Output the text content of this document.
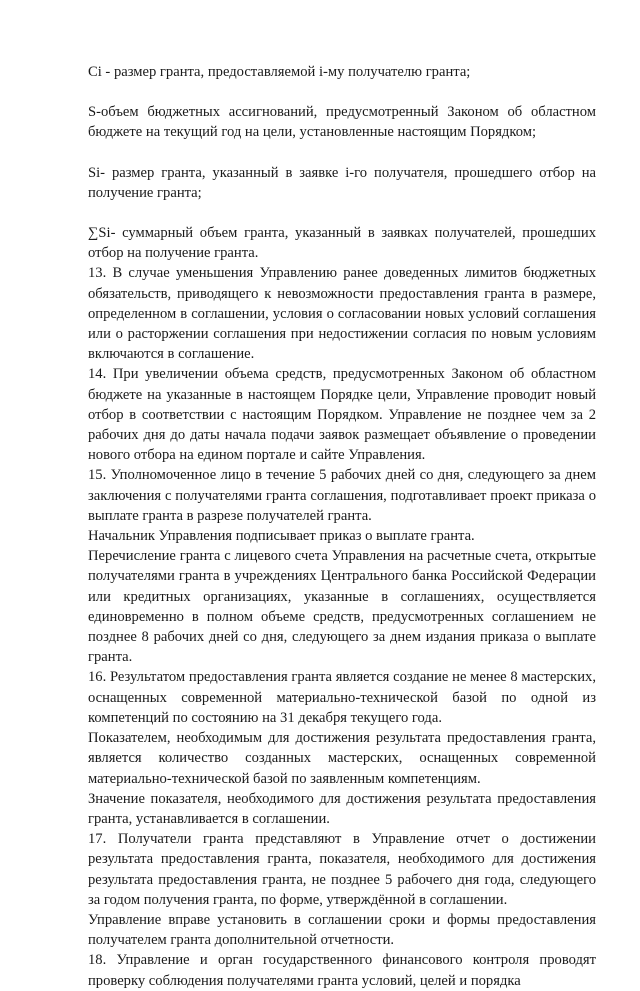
Сi - размер гранта, предоставляемой i-му получателю гранта;

S-объем бюджетных ассигнований, предусмотренный Законом об областном бюджете на текущий год на цели, установленные настоящим Порядком;

Si- размер гранта, указанный в заявке i-го получателя, прошедшего отбор на получение гранта;

∑Si- суммарный объем гранта, указанный в заявках получателей, прошедших отбор на получение гранта.

13. В случае уменьшения Управлению ранее доведенных лимитов бюджетных обязательств, приводящего к невозможности предоставления гранта в размере, определенном в соглашении, условия о согласовании новых условий соглашения или о расторжении соглашения при недостижении согласия по новым условиям включаются в соглашение.

14. При увеличении объема средств, предусмотренных Законом об областном бюджете на указанные в настоящем Порядке цели, Управление проводит новый отбор в соответствии с настоящим Порядком. Управление не позднее чем за 2 рабочих дня до даты начала подачи заявок размещает объявление о проведении нового отбора на едином портале и сайте Управления.

15. Уполномоченное лицо в течение 5 рабочих дней со дня, следующего за днем заключения с получателями гранта соглашения, подготавливает проект приказа о выплате гранта в разрезе получателей гранта.

Начальник Управления подписывает приказ о выплате гранта.

Перечисление гранта с лицевого счета Управления на расчетные счета, открытые получателями гранта в учреждениях Центрального банка Российской Федерации или кредитных организациях, указанные в соглашениях, осуществляется единовременно в полном объеме средств, предусмотренных соглашением не позднее 8 рабочих дней со дня, следующего за днем издания приказа о выплате гранта.

16. Результатом предоставления гранта является создание не менее 8 мастерских, оснащенных современной материально-технической базой по одной из компетенций по состоянию на 31 декабря текущего года.

Показателем, необходимым для достижения результата предоставления гранта, является количество созданных мастерских, оснащенных современной материально-технической базой по заявленным компетенциям.

Значение показателя, необходимого для достижения результата предоставления гранта, устанавливается в соглашении.

17. Получатели гранта представляют в Управление отчет о достижении результата предоставления гранта, показателя, необходимого для достижения результата предоставления гранта, не позднее 5 рабочего дня года, следующего за годом получения гранта, по форме, утверждённой в соглашении.

Управление вправе установить в соглашении сроки и формы предоставления получателем гранта дополнительной отчетности.

18. Управление и орган государственного финансового контроля проводят проверку соблюдения получателями гранта условий, целей и порядка
